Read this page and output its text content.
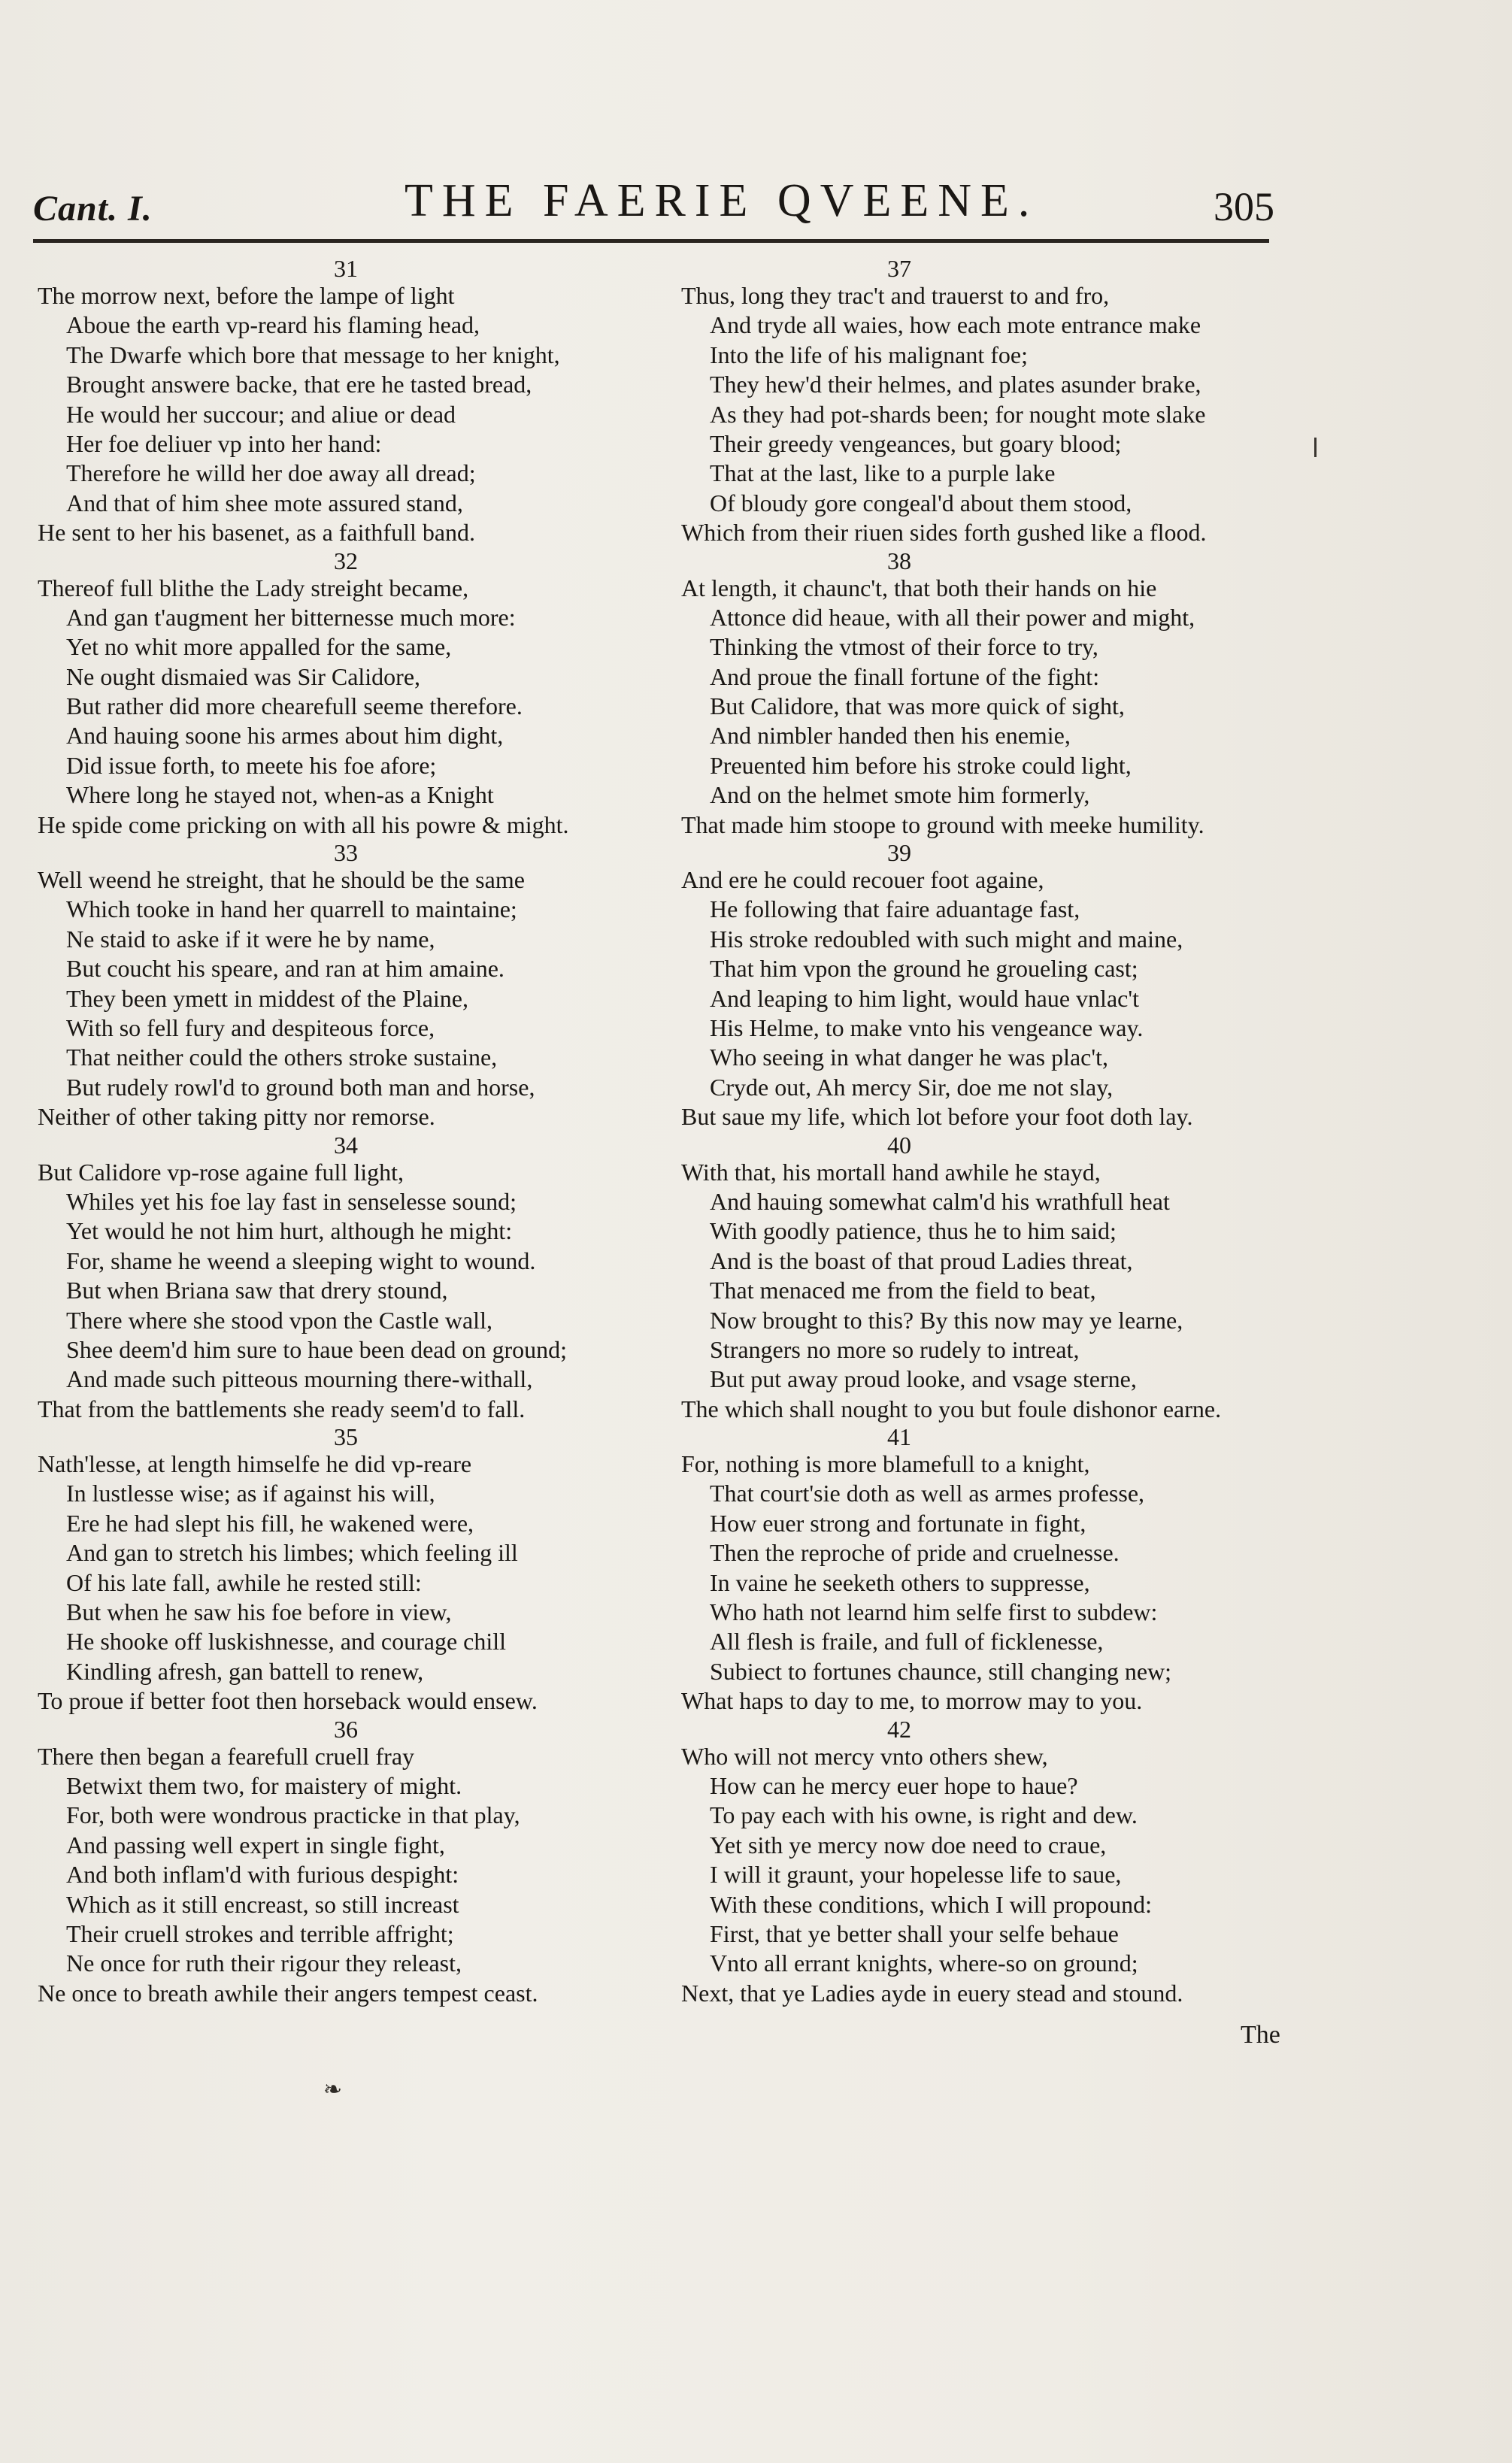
Cant. I.	THE FAERIE QVEENE.	305
31
The morrow next, before the lampe of light
Aboue the earth vp-reard his flaming head,
The Dwarfe which bore that message to her knight,
Brought answere backe, that ere he tasted bread,
He would her succour; and aliue or dead
Her foe deliuer vp into her hand:
Therefore he willd her doe away all dread;
And that of him shee mote assured stand,
He sent to her his basenet, as a faithfull band.
32
Thereof full blithe the Lady streight became,
And gan t'augment her bitternesse much more:
Yet no whit more appalled for the same,
Ne ought dismaied was Sir Calidore,
But rather did more chearefull seeme therefore.
And hauing soone his armes about him dight,
Did issue forth, to meete his foe afore;
Where long he stayed not, when-as a Knight
He spide come pricking on with all his powre & might.
33
Well weend he streight, that he should be the same
Which tooke in hand her quarrell to maintaine;
Ne staid to aske if it were he by name,
But coucht his speare, and ran at him amaine.
They been ymett in middest of the Plaine,
With so fell fury and despiteous force,
That neither could the others stroke sustaine,
But rudely rowl'd to ground both man and horse,
Neither of other taking pitty nor remorse.
34
But Calidore vp-rose againe full light,
Whiles yet his foe lay fast in senselesse sound;
Yet would he not him hurt, although he might:
For, shame he weend a sleeping wight to wound.
But when Briana saw that drery stound,
There where she stood vpon the Castle wall,
Shee deem'd him sure to haue been dead on ground;
And made such pitteous mourning there-withall,
That from the battlements she ready seem'd to fall.
35
Nath'lesse, at length himselfe he did vp-reare
In lustlesse wise; as if against his will,
Ere he had slept his fill, he wakened were,
And gan to stretch his limbes; which feeling ill
Of his late fall, awhile he rested still:
But when he saw his foe before in view,
He shooke off luskishnesse, and courage chill
Kindling afresh, gan battell to renew,
To proue if better foot then horseback would ensew.
36
There then began a fearefull cruell fray
Betwixt them two, for maistery of might.
For, both were wondrous practicke in that play,
And passing well expert in single fight,
And both inflam'd with furious despight:
Which as it still encreast, so still increast
Their cruell strokes and terrible affright;
Ne once for ruth their rigour they releast,
Ne once to breath awhile their angers tempest ceast.
37
Thus, long they trac't and trauerst to and fro,
And tryde all waies, how each mote entrance make
Into the life of his malignant foe;
They hew'd their helmes, and plates asunder brake,
As they had pot-shards been; for nought mote slake
Their greedy vengeances, but goary blood;
That at the last, like to a purple lake
Of bloudy gore congeal'd about them stood,
Which from their riuen sides forth gushed like a flood.
38
At length, it chaunc't, that both their hands on hie
Attonce did heaue, with all their power and might,
Thinking the vtmost of their force to try,
And proue the finall fortune of the fight:
But Calidore, that was more quick of sight,
And nimbler handed then his enemie,
Preuented him before his stroke could light,
And on the helmet smote him formerly,
That made him stoope to ground with meeke humility.
39
And ere he could recouer foot againe,
He following that faire aduantage fast,
His stroke redoubled with such might and maine,
That him vpon the ground he groueling cast;
And leaping to him light, would haue vnlac't
His Helme, to make vnto his vengeance way.
Who seeing in what danger he was plac't,
Cryde out, Ah mercy Sir, doe me not slay,
But saue my life, which lot before your foot doth lay.
40
With that, his mortall hand awhile he stayd,
And hauing somewhat calm'd his wrathfull heat
With goodly patience, thus he to him said;
And is the boast of that proud Ladies threat,
That menaced me from the field to beat,
Now brought to this? By this now may ye learne,
Strangers no more so rudely to intreat,
But put away proud looke, and vsage sterne,
The which shall nought to you but foule dishonor earne.
41
For, nothing is more blamefull to a knight,
That court'sie doth as well as armes professe,
How euer strong and fortunate in fight,
Then the reproche of pride and cruelnesse.
In vaine he seeketh others to suppresse,
Who hath not learnd him selfe first to subdew:
All flesh is fraile, and full of ficklenesse,
Subiect to fortunes chaunce, still changing new;
What haps to day to me, to morrow may to you.
42
Who will not mercy vnto others shew,
How can he mercy euer hope to haue?
To pay each with his owne, is right and dew.
Yet sith ye mercy now doe need to craue,
I will it graunt, your hopelesse life to saue,
With these conditions, which I will propound:
First, that ye better shall your selfe behaue
Vnto all errant knights, where-so on ground;
Next, that ye Ladies ayde in euery stead and stound.
The
❧
